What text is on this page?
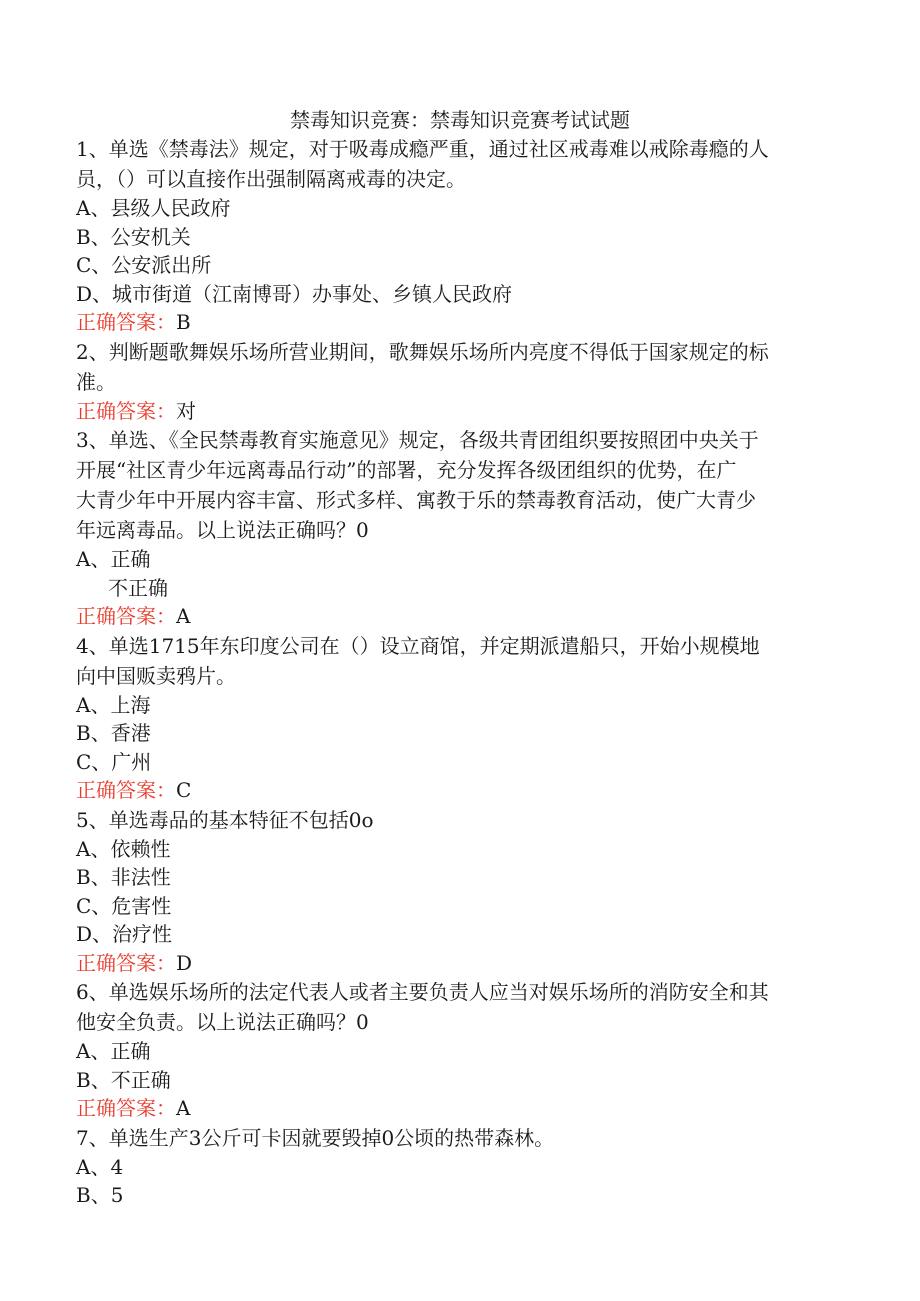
禁毒知识竞赛：禁毒知识竞赛考试试题
1、单选《禁毒法》规定，对于吸毒成瘾严重，通过社区戒毒难以戒除毒瘾的人
员，（）可以直接作出强制隔离戒毒的决定。
A、县级人民政府
B、公安机关
C、公安派出所
D、城市街道（江南博哥）办事处、乡镇人民政府
正确答案：B
2、判断题歌舞娱乐场所营业期间，歌舞娱乐场所内亮度不得低于国家规定的标
准。
正确答案：对
3、单选、《全民禁毒教育实施意见》规定，各级共青团组织要按照团中央关于
开展“社区青少年远离毒品行动”的部署，充分发挥各级团组织的优势，在广
大青少年中开展内容丰富、形式多样、寓教于乐的禁毒教育活动，使广大青少
年远离毒品。以上说法正确吗？0
A、正确
不正确
正确答案：A
4、单选1715年东印度公司在（）设立商馆，并定期派遣船只，开始小规模地
向中国贩卖鸦片。
A、上海
B、香港
C、广州
正确答案：C
5、单选毒品的基本特征不包括0o
A、依赖性
B、非法性
C、危害性
D、治疗性
正确答案：D
6、单选娱乐场所的法定代表人或者主要负责人应当对娱乐场所的消防安全和其
他安全负责。以上说法正确吗？0
A、正确
B、不正确
正确答案：A
7、单选生产3公斤可卡因就要毁掉0公顷的热带森林。
A、4
B、5
